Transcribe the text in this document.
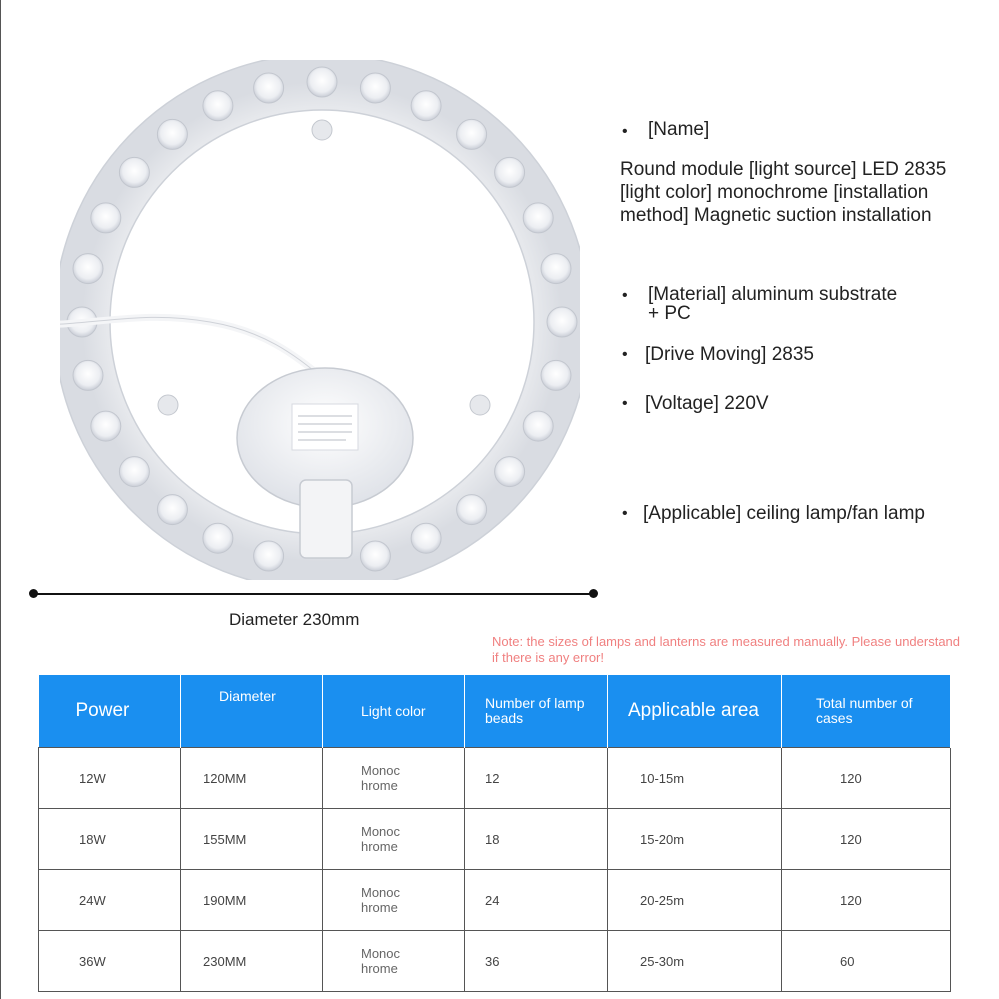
• [Name]
Round module [light source] LED 2835 [light color] monochrome [installation method] Magnetic suction installation
• [Material] aluminum substrate + PC
• [Drive Moving] 2835
• [Voltage] 220V
• [Applicable] ceiling lamp/fan lamp
Diameter 230mm
Note: the sizes of lamps and lanterns are measured manually. Please understand if there is any error!
Power	Diameter	Light color	Number of lamp beads	Applicable area	Total number of cases
12W	120MM	Monochrome	12	10-15m	120
18W	155MM	Monochrome	18	15-20m	120
24W	190MM	Monochrome	24	20-25m	120
36W	230MM	Monochrome	36	25-30m	60
